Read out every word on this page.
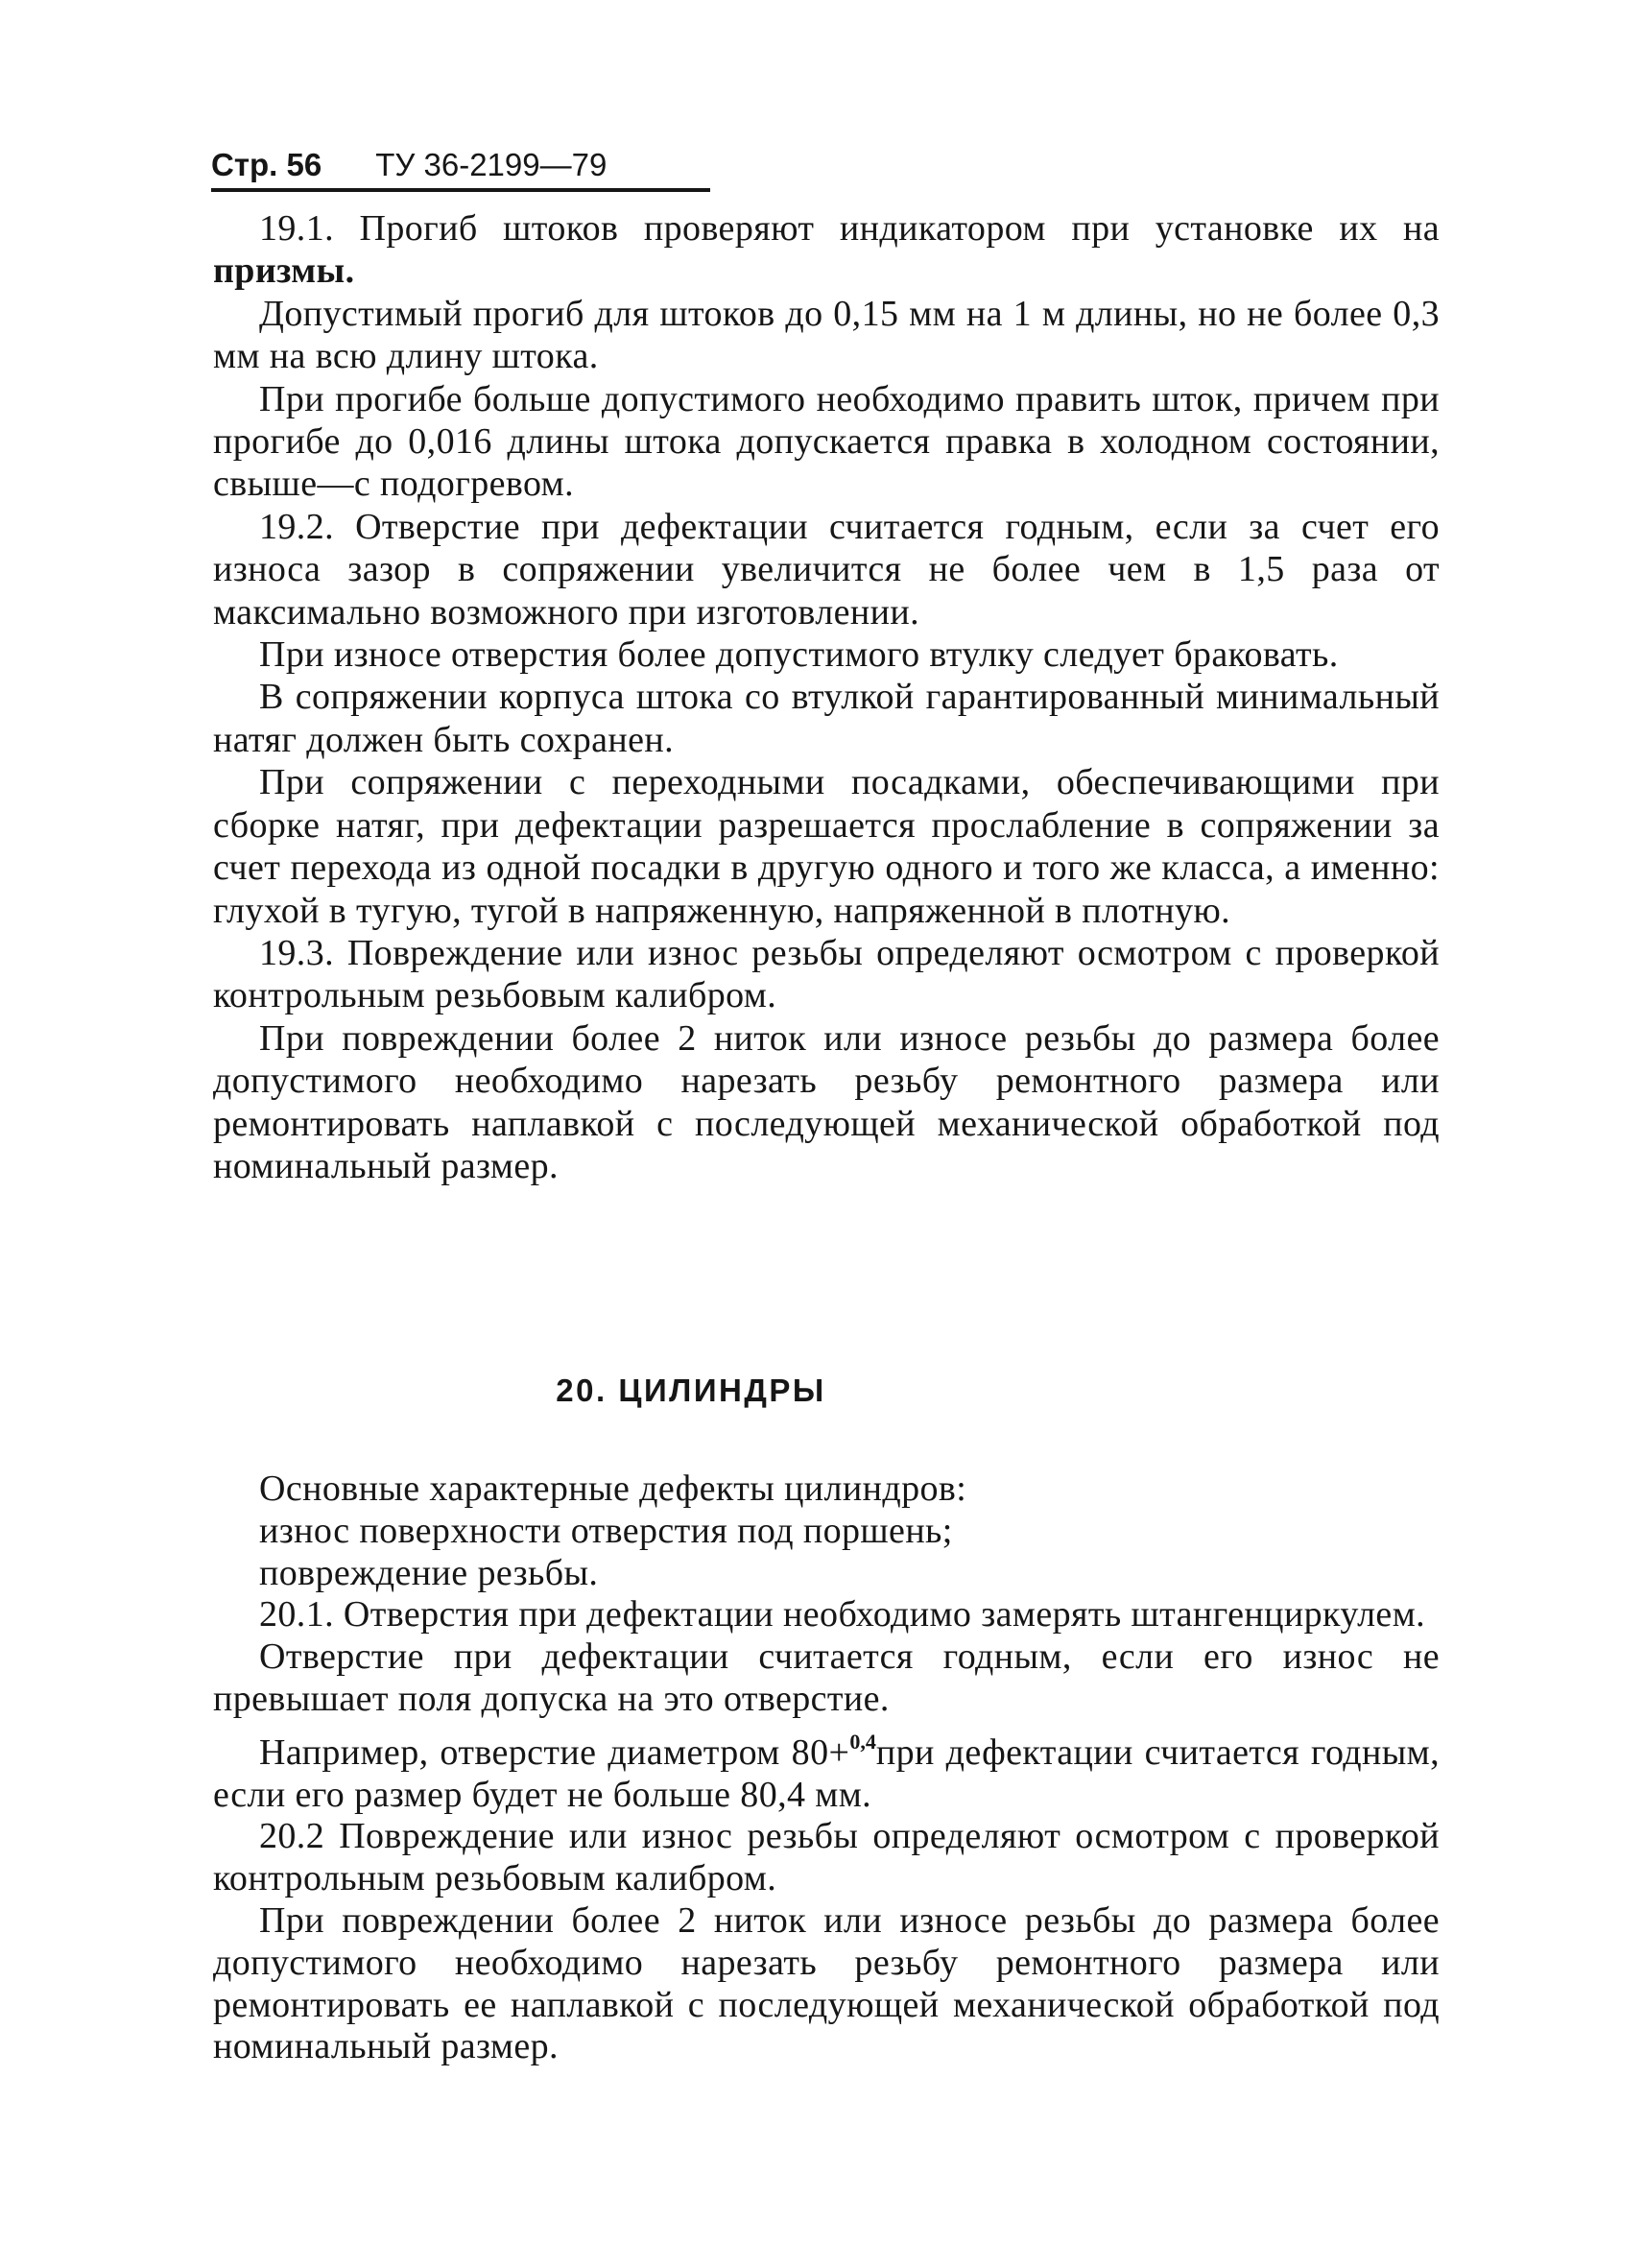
Стр. 56 ТУ 36-2199—79

19.1. Прогиб штоков проверяют индикатором при установке их на призмы.

Допустимый прогиб для штоков до 0,15 мм на 1 м длины, но не более 0,3 мм на всю длину штока.

При прогибе больше допустимого необходимо править шток, причем при прогибе до 0,016 длины штока допускается правка в холодном состоянии, свыше—с подогревом.

19.2. Отверстие при дефектации считается годным, если за счет его износа зазор в сопряжении увеличится не более чем в 1,5 раза от максимально возможного при изготовлении.

При износе отверстия более допустимого втулку следует браковать.

В сопряжении корпуса штока со втулкой гарантированный минимальный натяг должен быть сохранен.

При сопряжении с переходными посадками, обеспечивающими при сборке натяг, при дефектации разрешается прослабление в сопряжении за счет перехода из одной посадки в другую одного и того же класса, а именно: глухой в тугую, тугой в напряженную, напряженной в плотную.

19.3. Повреждение или износ резьбы определяют осмотром с проверкой контрольным резьбовым калибром.

При повреждении более 2 ниток или износе резьбы до размера более допустимого необходимо нарезать резьбу ремонтного размера или ремонтировать наплавкой с последующей механической обработкой под номинальный размер.

20. ЦИЛИНДРЫ

Основные характерные дефекты цилиндров:

износ поверхности отверстия под поршень;

повреждение резьбы.

20.1. Отверстия при дефектации необходимо замерять штангенциркулем.

Отверстие при дефектации считается годным, если его износ не превышает поля допуска на это отверстие.

Например, отверстие диаметром 80+$^{0,4}$при дефектации считается годным, если его размер будет не больше 80,4 мм.

20.2 Повреждение или износ резьбы определяют осмотром с проверкой контрольным резьбовым калибром.

При повреждении более 2 ниток или износе резьбы до размера более допустимого необходимо нарезать резьбу ремонтного размера или ремонтировать ее наплавкой с последующей механической обработкой под номинальный размер.
